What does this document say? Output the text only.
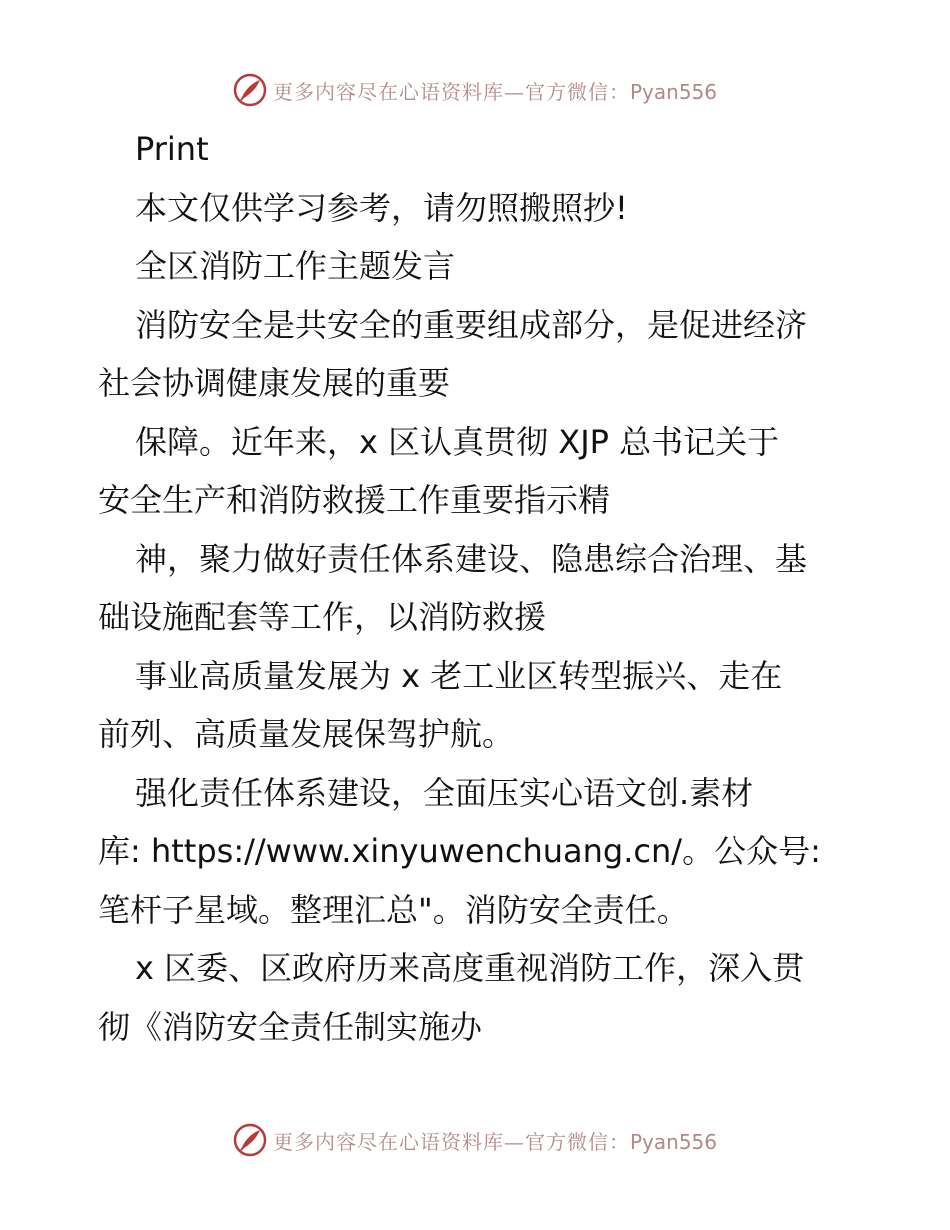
更多内容尽在心语资料库—官方微信：Pyan556
Print
本文仅供学习参考，请勿照搬照抄!
全区消防工作主题发言
消防安全是共安全的重要组成部分，是促进经济
社会协调健康发展的重要
保障。近年来，x 区认真贯彻 XJP 总书记关于
安全生产和消防救援工作重要指示精
神，聚力做好责任体系建设、隐患综合治理、基
础设施配套等工作，以消防救援
事业高质量发展为 x 老工业区转型振兴、走在
前列、高质量发展保驾护航。
强化责任体系建设，全面压实心语文创.素材
库: https://www.xinyuwenchuang.cn/。公众号:
笔杆子星域。整理汇总"。消防安全责任。
x 区委、区政府历来高度重视消防工作，深入贯
彻《消防安全责任制实施办
更多内容尽在心语资料库—官方微信：Pyan556
